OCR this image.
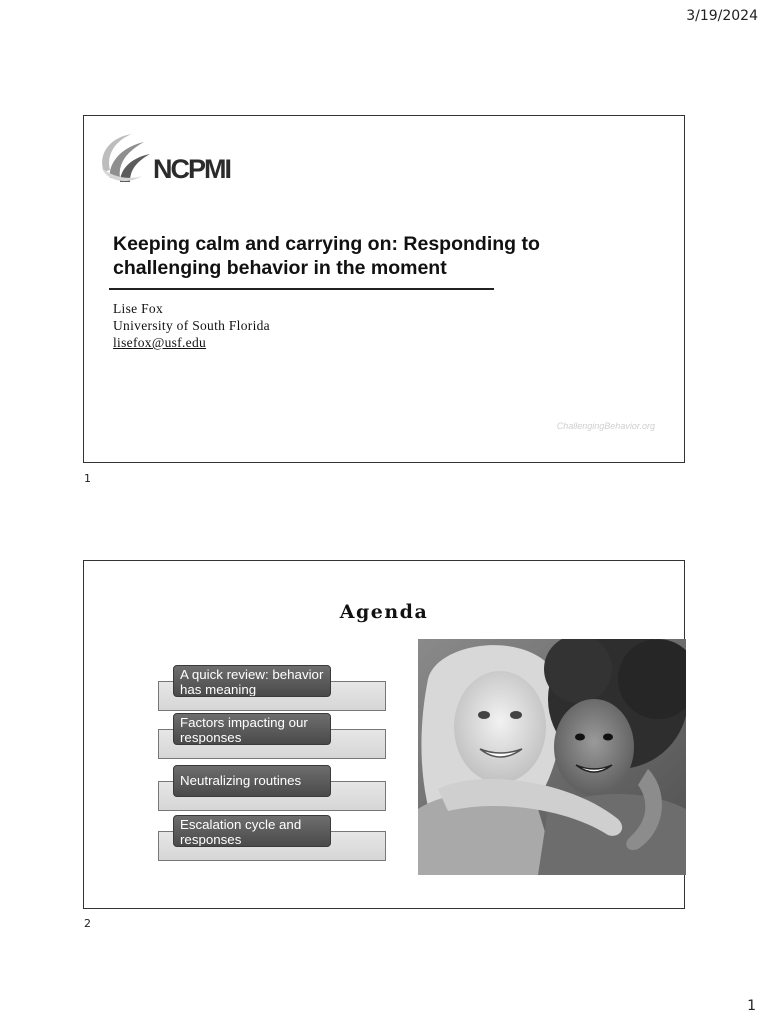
3/19/2024
NCPMI
Keeping calm and carrying on: Responding to challenging behavior in the moment
Lise Fox
University of South Florida
lisefox@usf.edu
ChallengingBehavior.org
1
Agenda
A quick review: behavior has meaning
Factors impacting our responses
Neutralizing routines
Escalation cycle and responses
2
1
